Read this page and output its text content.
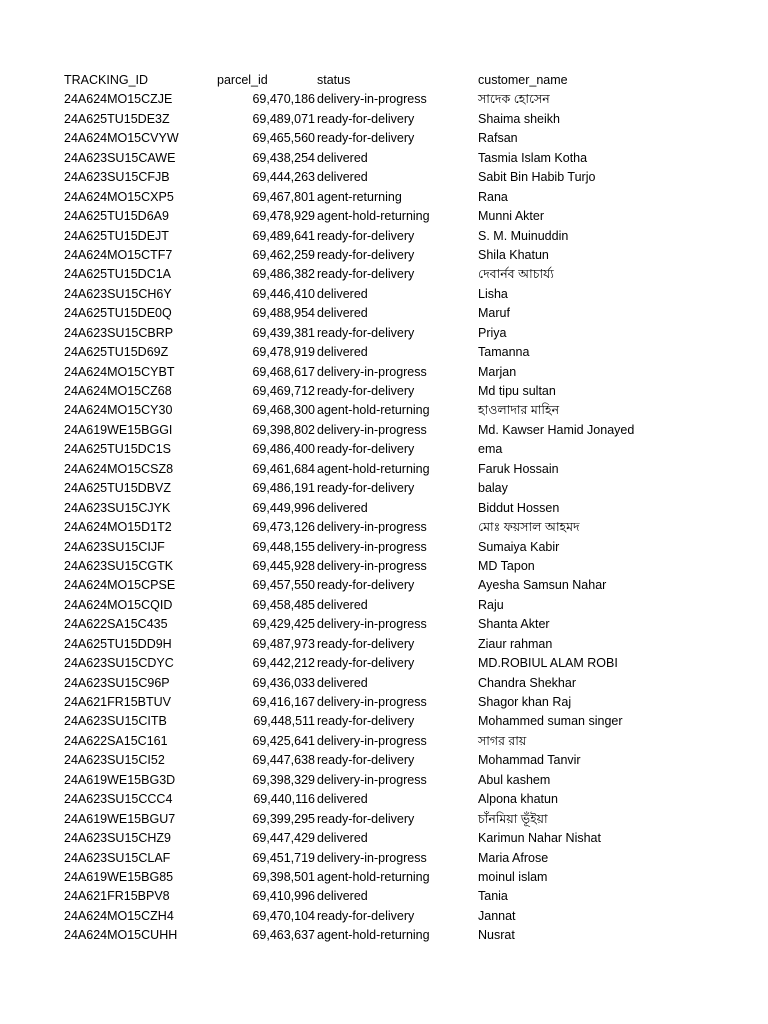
TRACKING_ID	parcel_id	status	customer_name
24A624MO15CZJE	69,470,186 delivery-in-progress	সাদেক হোসেন
24A625TU15DE3Z	69,489,071 ready-for-delivery	Shaima sheikh
24A624MO15CVYW	69,465,560 ready-for-delivery	Rafsan
24A623SU15CAWE	69,438,254 delivered	Tasmia Islam Kotha
24A623SU15CFJB	69,444,263 delivered	Sabit Bin Habib Turjo
24A624MO15CXP5	69,467,801 agent-returning	Rana
24A625TU15D6A9	69,478,929 agent-hold-returning	Munni Akter
24A625TU15DEJT	69,489,641 ready-for-delivery	S. M. Muinuddin
24A624MO15CTF7	69,462,259 ready-for-delivery	Shila Khatun
24A625TU15DC1A	69,486,382 ready-for-delivery	দেবার্নব আচার্য্য
24A623SU15CH6Y	69,446,410 delivered	Lisha
24A625TU15DE0Q	69,488,954 delivered	Maruf
24A623SU15CBRP	69,439,381 ready-for-delivery	Priya
24A625TU15D69Z	69,478,919 delivered	Tamanna
24A624MO15CYBT	69,468,617 delivery-in-progress	Marjan
24A624MO15CZ68	69,469,712 ready-for-delivery	Md tipu sultan
24A624MO15CY30	69,468,300 agent-hold-returning	হাওলাদার মাহিন
24A619WE15BGGI	69,398,802 delivery-in-progress	Md. Kawser Hamid Jonayed
24A625TU15DC1S	69,486,400 ready-for-delivery	ema
24A624MO15CSZ8	69,461,684 agent-hold-returning	Faruk Hossain
24A625TU15DBVZ	69,486,191 ready-for-delivery	balay
24A623SU15CJYK	69,449,996 delivered	Biddut Hossen
24A624MO15D1T2	69,473,126 delivery-in-progress	মোঃ ফয়সাল আহমদ
24A623SU15CIJF	69,448,155 delivery-in-progress	Sumaiya Kabir
24A623SU15CGTK	69,445,928 delivery-in-progress	MD Tapon
24A624MO15CPSE	69,457,550 ready-for-delivery	Ayesha Samsun Nahar
24A624MO15CQID	69,458,485 delivered	Raju
24A622SA15C435	69,429,425 delivery-in-progress	Shanta Akter
24A625TU15DD9H	69,487,973 ready-for-delivery	Ziaur rahman
24A623SU15CDYC	69,442,212 ready-for-delivery	MD.ROBIUL ALAM ROBI
24A623SU15C96P	69,436,033 delivered	Chandra Shekhar
24A621FR15BTUV	69,416,167 delivery-in-progress	Shagor khan Raj
24A623SU15CITB	69,448,511 ready-for-delivery	Mohammed suman singer
24A622SA15C161	69,425,641 delivery-in-progress	সাগর রায়
24A623SU15CI52	69,447,638 ready-for-delivery	Mohammad Tanvir
24A619WE15BG3D	69,398,329 delivery-in-progress	Abul kashem
24A623SU15CCC4	69,440,116 delivered	Alpona khatun
24A619WE15BGU7	69,399,295 ready-for-delivery	চাঁনমিয়া ভূঁইয়া
24A623SU15CHZ9	69,447,429 delivered	Karimun Nahar Nishat
24A623SU15CLAF	69,451,719 delivery-in-progress	Maria Afrose
24A619WE15BG85	69,398,501 agent-hold-returning	moinul islam
24A621FR15BPV8	69,410,996 delivered	Tania
24A624MO15CZH4	69,470,104 ready-for-delivery	Jannat
24A624MO15CUHH	69,463,637 agent-hold-returning	Nusrat
